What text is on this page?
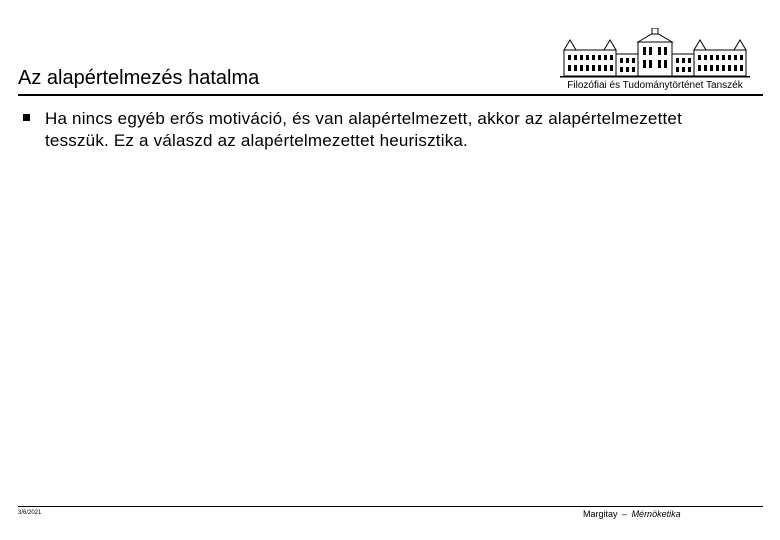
Az alapértelmezés hatalma	Filozófiai és Tudománytörténet Tanszék
Ha nincs egyéb erős motiváció, és van alapértelmezett, akkor az alapértelmezettet tesszük. Ez a válaszd az alapértelmezettet heurisztika.
3/6/2021	Margitay – Mérnöketika
